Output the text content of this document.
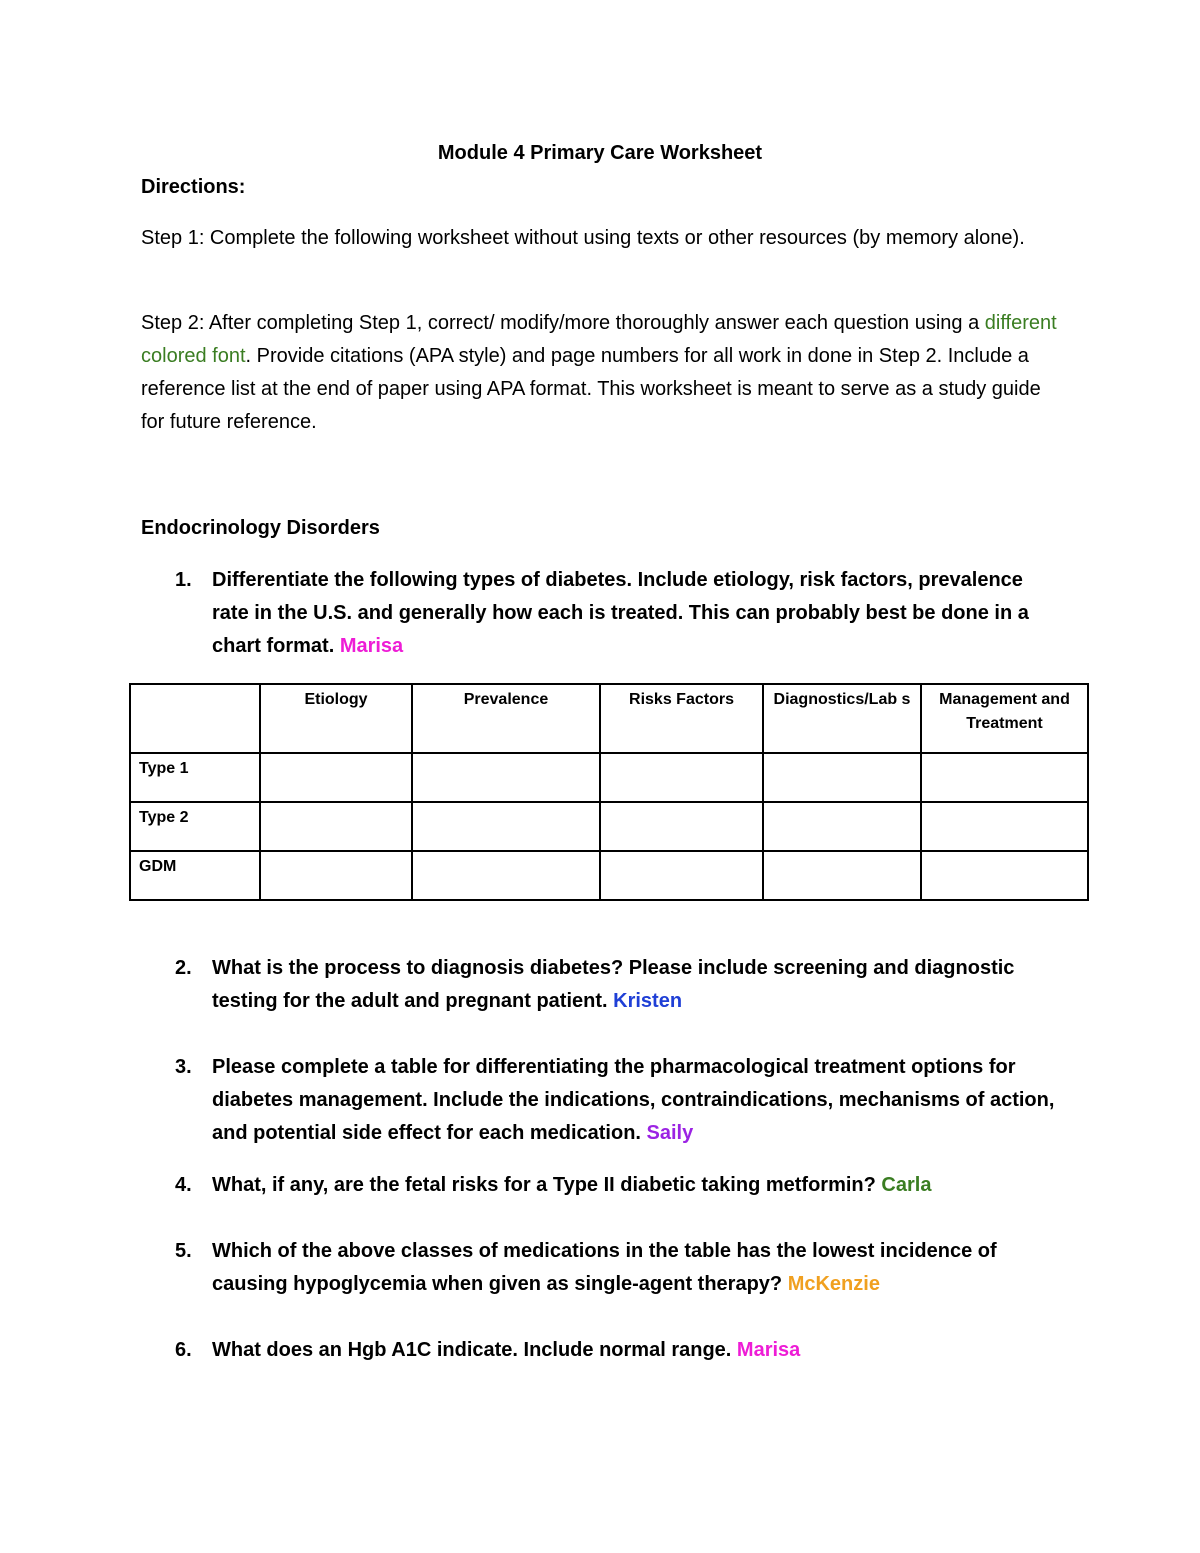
Module 4 Primary Care Worksheet
Directions:
Step 1: Complete the following worksheet without using texts or other resources (by memory alone).
Step 2: After completing Step 1, correct/ modify/more thoroughly answer each question using a different colored font. Provide citations (APA style) and page numbers for all work in done in Step 2. Include a reference list at the end of paper using APA format. This worksheet is meant to serve as a study guide for future reference.
Endocrinology Disorders
1.	Differentiate the following types of diabetes. Include etiology, risk factors, prevalence rate in the U.S. and generally how each is treated. This can probably best be done in a chart format. Marisa
	Etiology	Prevalence	Risks Factors	Diagnostics/Lab s	Management and Treatment
Type 1					
Type 2					
GDM					
2.	What is the process to diagnosis diabetes? Please include screening and diagnostic testing for the adult and pregnant patient. Kristen
3.	Please complete a table for differentiating the pharmacological treatment options for diabetes management. Include the indications, contraindications, mechanisms of action, and potential side effect for each medication. Saily
4.	What, if any, are the fetal risks for a Type II diabetic taking metformin? Carla
5.	Which of the above classes of medications in the table has the lowest incidence of causing hypoglycemia when given as single-agent therapy? McKenzie
6.	What does an Hgb A1C indicate. Include normal range. Marisa
